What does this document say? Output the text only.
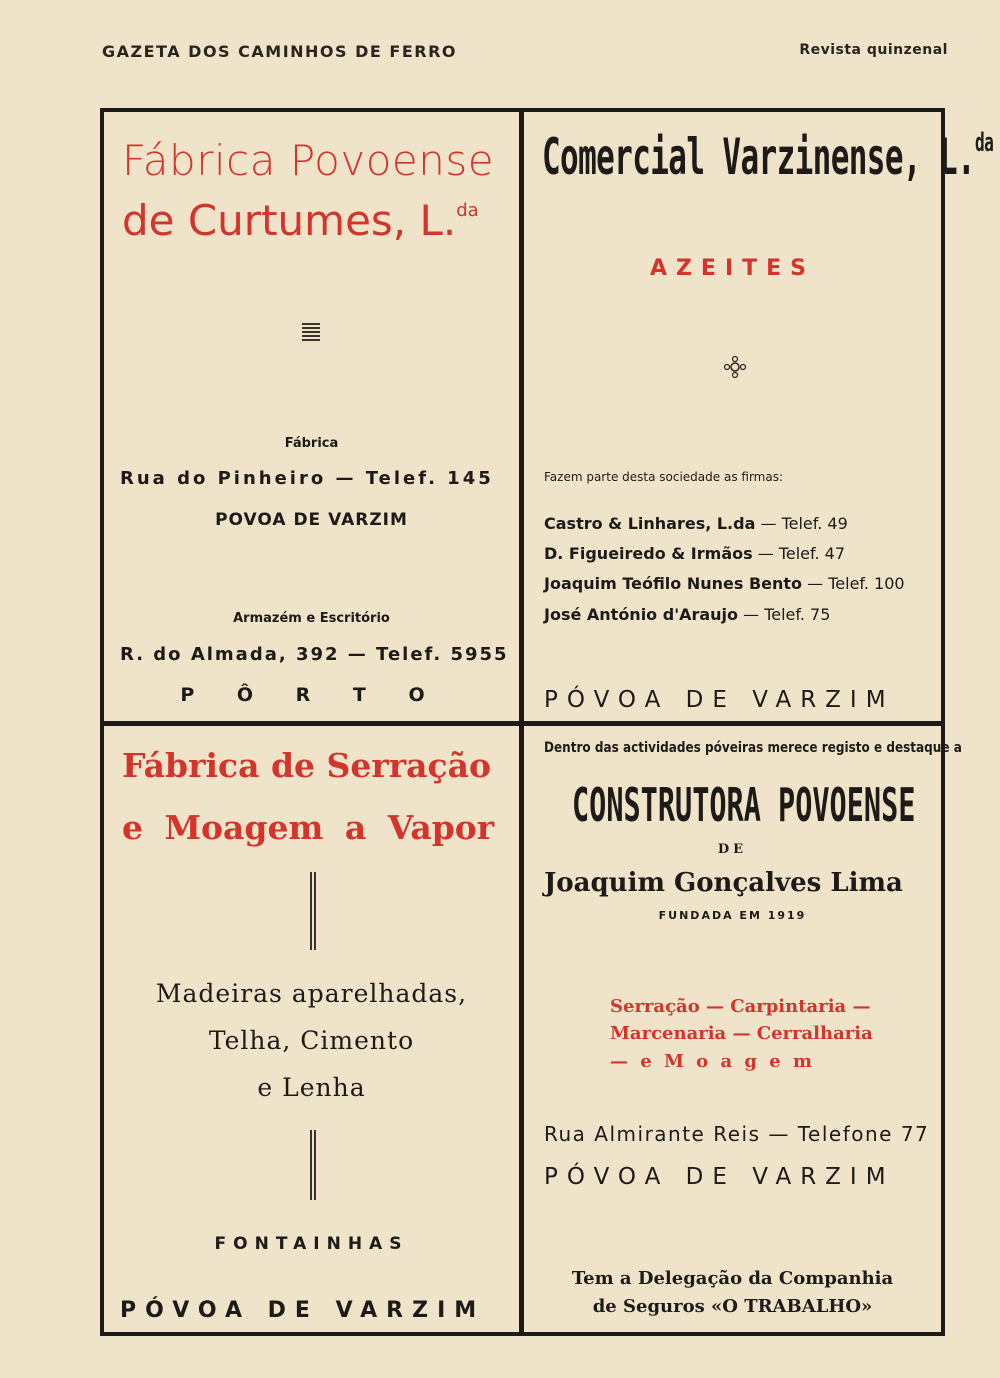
GAZETA DOS CAMINHOS DE FERRO	Revista quinzenal
Fábrica Povoense
de Curtumes, L.$^{da}$
Fábrica
Rua do Pinheiro — Telef. 145
POVOA DE VARZIM
Armazém e Escritório
R. do Almada, 392 — Telef. 5955
P Ô R T O
Comercial Varzinense, L.$^{da}$
AZEITES
Fazem parte desta sociedade as firmas:
Castro & Linhares, L.da — Telef. 49
D. Figueiredo & Irmãos — Telef. 47
Joaquim Teófilo Nunes Bento — Telef. 100
José António d'Araujo — Telef. 75
PÓVOA DE VARZIM
Fábrica de Serração
e Moagem a Vapor
Madeiras aparelhadas,
Telha, Cimento
e Lenha
FONTAINHAS
PÓVOA DE VARZIM
Dentro das actividades póveiras merece registo e destaque a
CONSTRUTORA POVOENSE
DE
Joaquim Gonçalves Lima
FUNDADA EM 1919
Serração — Carpintaria —
Marcenaria — Cerralharia
— e M o a g e m
Rua Almirante Reis — Telefone 77
PÓVOA DE VARZIM
Tem a Delegação da Companhia
de Seguros «O TRABALHO»
